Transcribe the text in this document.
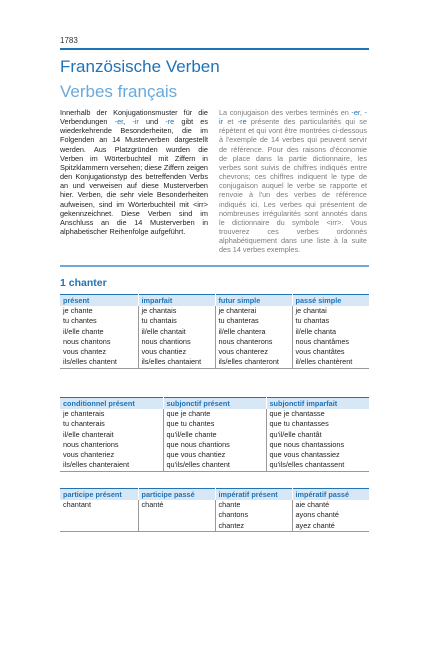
1783
Französische Verben
Verbes français
Innerhalb der Konjugationsmuster für die Verbendungen -er, -ir und -re gibt es wiederkehrende Besonderheiten, die im Folgenden an 14 Musterverben dargestellt werden. Aus Platzgründen wurden die Verben im Wörterbuchteil mit Ziffern in Spitzklammern versehen; diese Ziffern zeigen den Konjugationstyp des betreffenden Verbs an und verweisen auf diese Musterverben hier. Verben, die sehr viele Besonderheiten aufweisen, sind im Wörterbuchteil mit <irr> gekennzeichnet. Diese Verben sind im Anschluss an die 14 Musterverben in alphabetischer Reihenfolge aufgeführt.
La conjugaison des verbes terminés en -er, -ir et -re présente des particularités qui se répètent et qui vont être montrées ci-dessous à l'exemple de 14 verbes qui peuvent servir de référence. Pour des raisons d'économie de place dans la partie dictionnaire, les verbes sont suivis de chiffres indiqués entre chevrons; ces chiffres indiquent le type de conjugaison auquel le verbe se rapporte et renvoie à l'un des verbes de référence indiqués ici. Les verbes qui présentent de nombreuses irrégularités sont annotés dans le dictionnaire du symbole <irr>. Vous trouverez ces verbes ordonnés alphabétiquement dans une liste à la suite des 14 verbes exemples.
1 chanter
présent	imparfait	futur simple	passé simple
je chante	je chantais	je chanterai	je chantai
tu chantes	tu chantais	tu chanteras	tu chantas
il/elle chante	il/elle chantait	il/elle chantera	il/elle chanta
nous chantons	nous chantions	nous chanterons	nous chantâmes
vous chantez	vous chantiez	vous chanterez	vous chantâtes
ils/elles chantent	ils/elles chantaient	ils/elles chanteront	il/elles chantèrent
conditionnel présent	subjonctif présent	subjonctif imparfait
je chanterais	que je chante	que je chantasse
tu chanterais	que tu chantes	que tu chantasses
il/elle chanterait	qu'il/elle chante	qu'il/elle chantât
nous chanterions	que nous chantions	que nous chantassions
vous chanteriez	que vous chantiez	que vous chantassiez
ils/elles chanteraient	qu'ils/elles chantent	qu'ils/elles chantassent
participe présent	participe passé	impératif présent	impératif passé
chantant	chanté	chante	aie chanté
		chantons	ayons chanté
		chantez	ayez chanté
